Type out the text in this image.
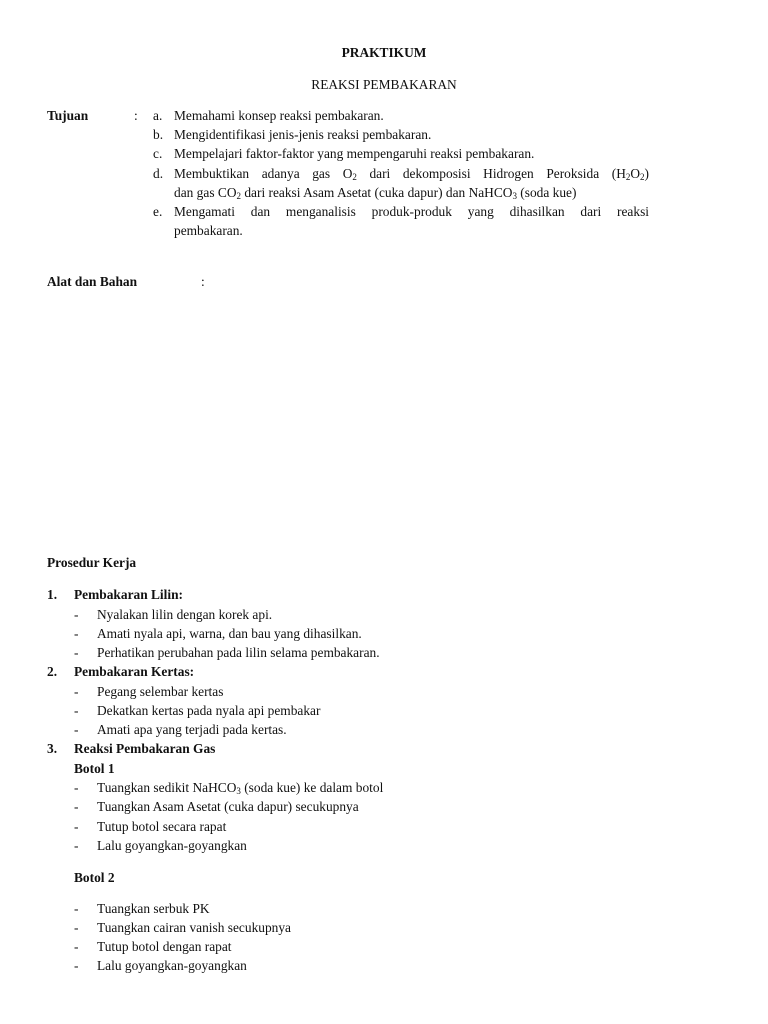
PRAKTIKUM
REAKSI PEMBAKARAN
Tujuan	: a. Memahami konsep reaksi pembakaran.
b. Mengidentifikasi jenis-jenis reaksi pembakaran.
c. Mempelajari faktor-faktor yang mempengaruhi reaksi pembakaran.
d. Membuktikan adanya gas $O_2$ dari dekomposisi Hidrogen Peroksida $(H_2O_2)$
dan gas $CO_2$ dari reaksi Asam Asetat (cuka dapur) dan NaHCO$_3$ (soda kue)
e. Mengamati dan menganalisis produk-produk yang dihasilkan dari reaksi
pembakaran.
Alat dan Bahan	:
Prosedur Kerja
1. Pembakaran Lilin:
- Nyalakan lilin dengan korek api.
- Amati nyala api, warna, dan bau yang dihasilkan.
- Perhatikan perubahan pada lilin selama pembakaran.
2. Pembakaran Kertas:
- Pegang selembar kertas
- Dekatkan kertas pada nyala api pembakar
- Amati apa yang terjadi pada kertas.
3. Reaksi Pembakaran Gas
Botol 1
- Tuangkan sedikit NaHCO$_3$ (soda kue) ke dalam botol
- Tuangkan Asam Asetat (cuka dapur) secukupnya
- Tutup botol secara rapat
- Lalu goyangkan-goyangkan
Botol 2
- Tuangkan serbuk PK
- Tuangkan cairan vanish secukupnya
- Tutup botol dengan rapat
- Lalu goyangkan-goyangkan
